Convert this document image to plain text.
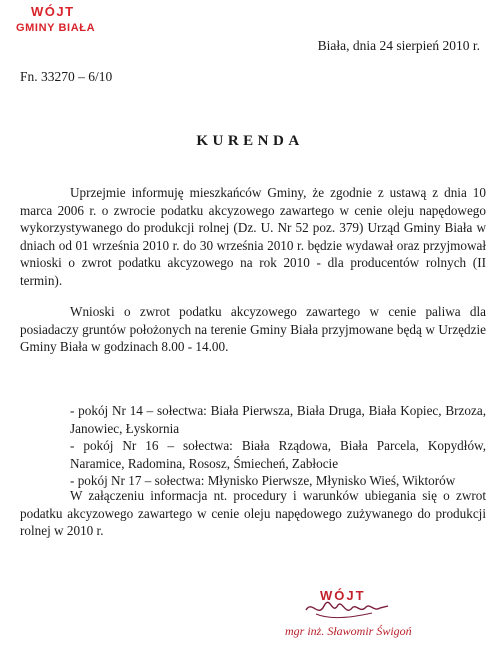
WÓJT
GMINY BIAŁA
Biała, dnia 24 sierpień 2010 r.
Fn. 33270 – 6/10
KURENDA
Uprzejmie informuję mieszkańców Gminy, że zgodnie z ustawą z dnia 10 marca 2006 r. o zwrocie podatku akcyzowego zawartego w cenie oleju napędowego wykorzystywanego do produkcji rolnej (Dz. U. Nr 52 poz. 379) Urząd Gminy Biała w dniach od 01 września 2010 r. do 30 września 2010 r. będzie wydawał oraz przyjmował wnioski o zwrot podatku akcyzowego na rok 2010 - dla producentów rolnych (II termin).
Wnioski o zwrot podatku akcyzowego zawartego w cenie paliwa dla posiadaczy gruntów położonych na terenie Gminy Biała przyjmowane będą w Urzędzie Gminy Biała w godzinach 8.00 - 14.00.
- pokój Nr 14 – sołectwa: Biała Pierwsza, Biała Druga, Biała Kopiec, Brzoza, Janowiec, Łyskornia
- pokój Nr 16 – sołectwa: Biała Rządowa, Biała Parcela, Kopydłów, Naramice, Radomina, Rososz, Śmiecheń, Zabłocie
- pokój Nr 17 – sołectwa: Młynisko Pierwsze, Młynisko Wieś, Wiktorów
W załączeniu informacja nt. procedury i warunków ubiegania się o zwrot podatku akcyzowego zawartego w cenie oleju napędowego zużywanego do produkcji rolnej w 2010 r.
WÓJT
mgr inż. Sławomir Świgoń
